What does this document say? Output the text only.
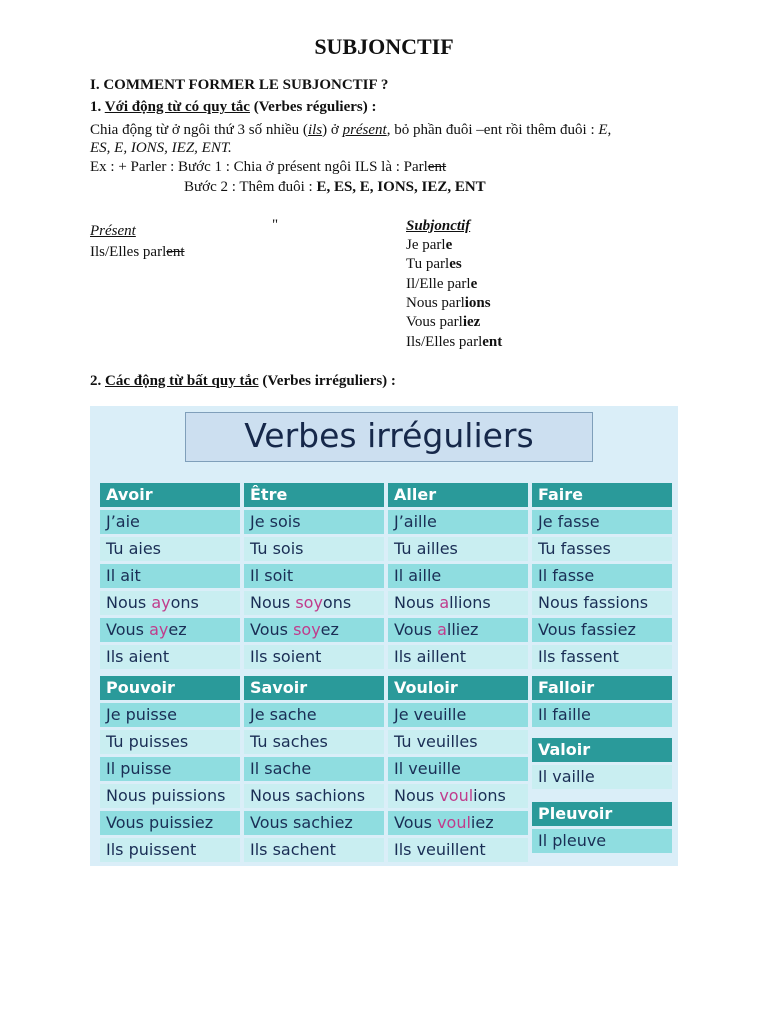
SUBJONCTIF
I. COMMENT FORMER LE SUBJONCTIF ?
1. Với động từ có quy tắc (Verbes réguliers) :
Chia động từ ở ngôi thứ 3 số nhiều (ils) ở présent, bỏ phần đuôi –ent rồi thêm đuôi : E,
ES, E, IONS, IEZ, ENT.
Ex : + Parler : Bước 1 : Chia ở présent ngôi ILS là : Parlent
Bước 2 : Thêm đuôi : E, ES, E, IONS, IEZ, ENT
Présent
Ils/Elles parlent
"	Subjonctif
Je parle
Tu parles
Il/Elle parle
Nous parlions
Vous parliez
Ils/Elles parlent
2. Các động từ bất quy tắc (Verbes irréguliers) :
Verbes irréguliers
Avoir
J’aie
Tu aies
Il ait
Nous ayons
Vous ayez
Ils aient
Être
Je sois
Tu sois
Il soit
Nous soyons
Vous soyez
Ils soient
Aller
J’aille
Tu ailles
Il aille
Nous allions
Vous alliez
Ils aillent
Faire
Je fasse
Tu fasses
Il fasse
Nous fassions
Vous fassiez
Ils fassent
Pouvoir
Je puisse
Tu puisses
Il puisse
Nous puissions
Vous puissiez
Ils puissent
Savoir
Je sache
Tu saches
Il sache
Nous sachions
Vous sachiez
Ils sachent
Vouloir
Je veuille
Tu veuilles
Il veuille
Nous voulions
Vous vouliez
Ils veuillent
Falloir
Il faille
Valoir
Il vaille
Pleuvoir
Il pleuve
